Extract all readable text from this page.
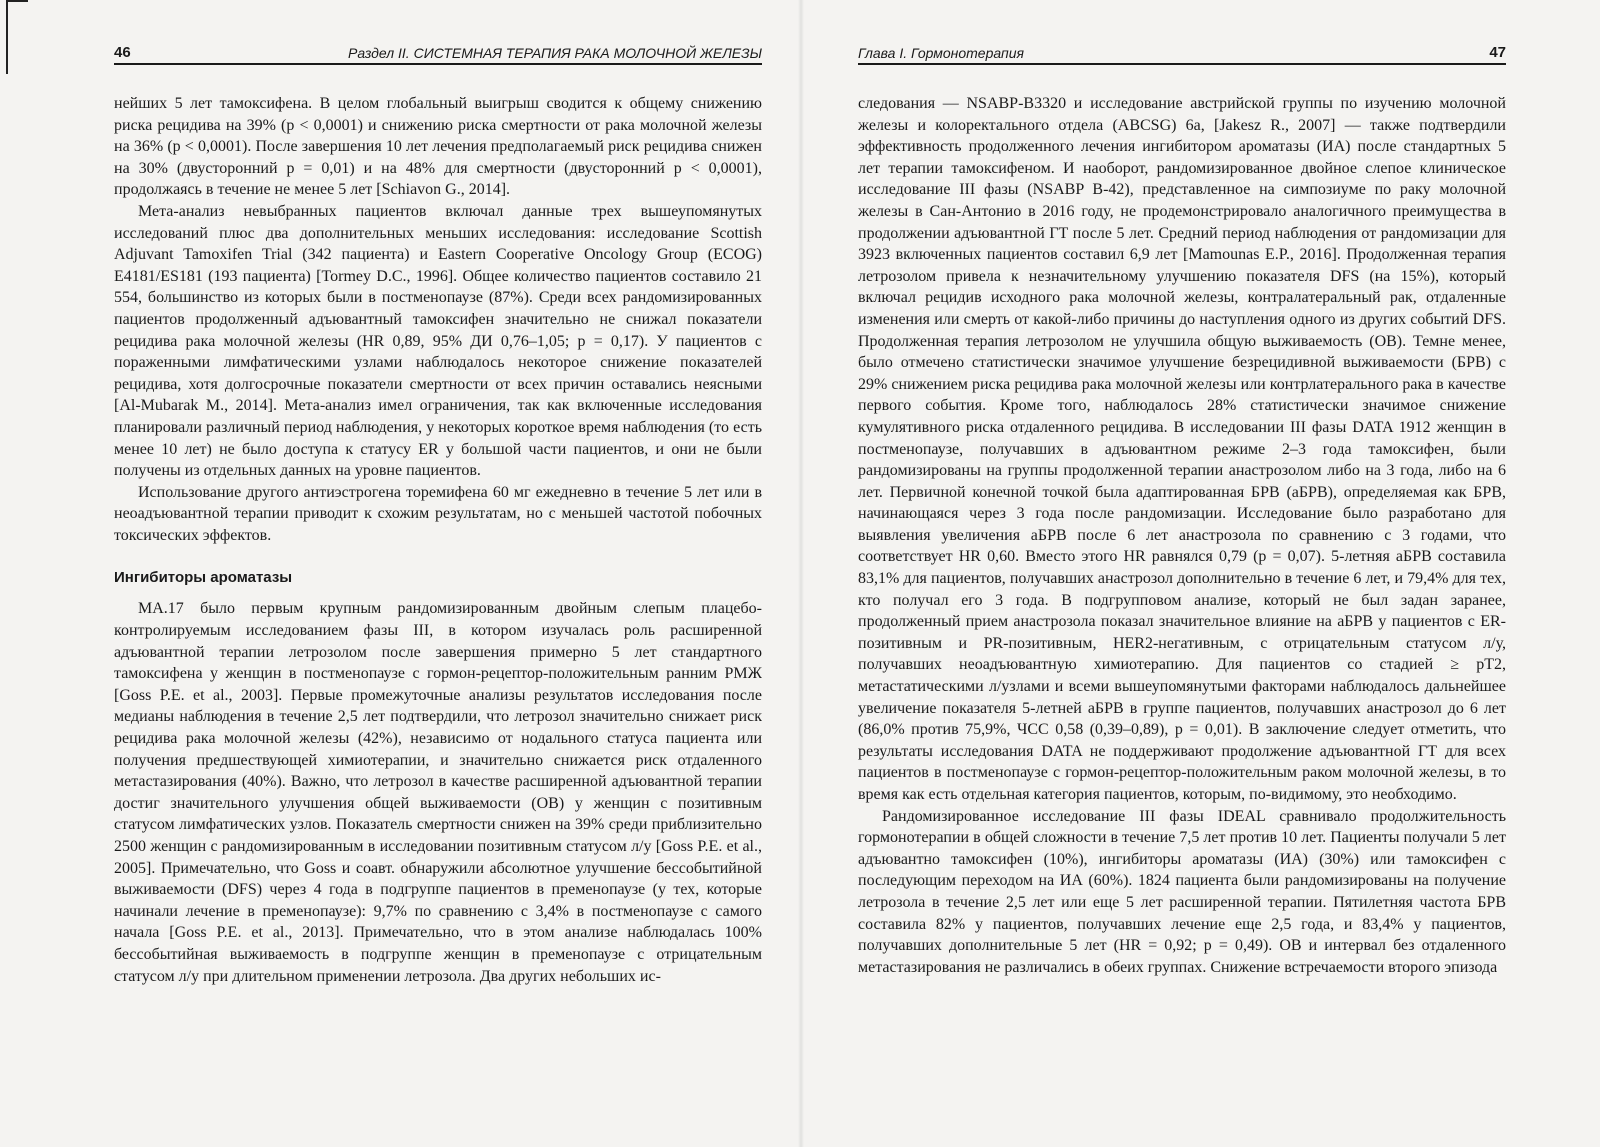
46	Раздел II. СИСТЕМНАЯ ТЕРАПИЯ РАКА МОЛОЧНОЙ ЖЕЛЕЗЫ

нейших 5 лет тамоксифена. В целом глобальный выигрыш сводится к общему снижению риска рецидива на 39% (p < 0,0001) и снижению риска смертности от рака молочной железы на 36% (p < 0,0001). После завершения 10 лет лечения предполагаемый риск рецидива снижен на 30% (двусторонний p = 0,01) и на 48% для смертности (двусторонний p < 0,0001), продолжаясь в течение не менее 5 лет [Schiavon G., 2014].

Мета-анализ невыбранных пациентов включал данные трех вышеупомянутых исследований плюс два дополнительных меньших исследования: исследование Scottish Adjuvant Tamoxifen Trial (342 пациента) и Eastern Cooperative Oncology Group (ECOG) E4181/ES181 (193 пациента) [Tormey D.C., 1996]. Общее количество пациентов составило 21 554, большинство из которых были в постменопаузе (87%). Среди всех рандомизированных пациентов продолженный адъювантный тамоксифен значительно не снижал показатели рецидива рака молочной железы (HR 0,89, 95% ДИ 0,76–1,05; p = 0,17). У пациентов с пораженными лимфатическими узлами наблюдалось некоторое снижение показателей рецидива, хотя долгосрочные показатели смертности от всех причин оставались неясными [Al-Mubarak M., 2014]. Мета-анализ имел ограничения, так как включенные исследования планировали различный период наблюдения, у некоторых короткое время наблюдения (то есть менее 10 лет) не было доступа к статусу ER у большой части пациентов, и они не были получены из отдельных данных на уровне пациентов.

Использование другого антиэстрогена торемифена 60 мг ежедневно в течение 5 лет или в неоадъювантной терапии приводит к схожим результатам, но с меньшей частотой побочных токсических эффектов.

Ингибиторы ароматазы

MA.17 было первым крупным рандомизированным двойным слепым плацебо-контролируемым исследованием фазы III, в котором изучалась роль расширенной адъювантной терапии летрозолом после завершения примерно 5 лет стандартного тамоксифена у женщин в постменопаузе с гормон-рецептор-положительным ранним РМЖ [Goss P.E. et al., 2003]. Первые промежуточные анализы результатов исследования после медианы наблюдения в течение 2,5 лет подтвердили, что летрозол значительно снижает риск рецидива рака молочной железы (42%), независимо от нодального статуса пациента или получения предшествующей химиотерапии, и значительно снижается риск отдаленного метастазирования (40%). Важно, что летрозол в качестве расширенной адъювантной терапии достиг значительного улучшения общей выживаемости (ОВ) у женщин с позитивным статусом лимфатических узлов. Показатель смертности снижен на 39% среди приблизительно 2500 женщин с рандомизированным в исследовании позитивным статусом л/у [Goss P.E. et al., 2005]. Примечательно, что Goss и соавт. обнаружили абсолютное улучшение бессобытийной выживаемости (DFS) через 4 года в подгруппе пациентов в пременопаузе (у тех, которые начинали лечение в пременопаузе): 9,7% по сравнению с 3,4% в постменопаузе с самого начала [Goss P.E. et al., 2013]. Примечательно, что в этом анализе наблюдалась 100% бессобытийная выживаемость в подгруппе женщин в пременопаузе с отрицательным статусом л/у при длительном применении летрозола. Два других небольших ис-

Глава I. Гормонотерапия	47

следования — NSABP-B3320 и исследование австрийской группы по изучению молочной железы и колоректального отдела (ABCSG) 6a, [Jakesz R., 2007] — также подтвердили эффективность продолженного лечения ингибитором ароматазы (ИА) после стандартных 5 лет терапии тамоксифеном. И наоборот, рандомизированное двойное слепое клиническое исследование III фазы (NSABP B-42), представленное на симпозиуме по раку молочной железы в Сан-Антонио в 2016 году, не продемонстрировало аналогичного преимущества в продолжении адъювантной ГТ после 5 лет. Средний период наблюдения от рандомизации для 3923 включенных пациентов составил 6,9 лет [Mamounas E.P., 2016]. Продолженная терапия летрозолом привела к незначительному улучшению показателя DFS (на 15%), который включал рецидив исходного рака молочной железы, контралатеральный рак, отдаленные изменения или смерть от какой-либо причины до наступления одного из других событий DFS. Продолженная терапия летрозолом не улучшила общую выживаемость (ОВ). Темне менее, было отмечено статистически значимое улучшение безрецидивной выживаемости (БРВ) с 29% снижением риска рецидива рака молочной железы или контрлатерального рака в качестве первого события. Кроме того, наблюдалось 28% статистически значимое снижение кумулятивного риска отдаленного рецидива. В исследовании III фазы DATA 1912 женщин в постменопаузе, получавших в адъювантном режиме 2–3 года тамоксифен, были рандомизированы на группы продолженной терапии анастрозолом либо на 3 года, либо на 6 лет. Первичной конечной точкой была адаптированная БРВ (аБРВ), определяемая как БРВ, начинающаяся через 3 года после рандомизации. Исследование было разработано для выявления увеличения аБРВ после 6 лет анастрозола по сравнению с 3 годами, что соответствует HR 0,60. Вместо этого HR равнялся 0,79 (p = 0,07). 5-летняя аБРВ составила 83,1% для пациентов, получавших анастрозол дополнительно в течение 6 лет, и 79,4% для тех, кто получал его 3 года. В подгрупповом анализе, который не был задан заранее, продолженный прием анастрозола показал значительное влияние на аБРВ у пациентов с ER-позитивным и PR-позитивным, HER2-негативным, с отрицательным статусом л/у, получавших неоадъювантную химиотерапию. Для пациентов со стадией ≥ pT2, метастатическими л/узлами и всеми вышеупомянутыми факторами наблюдалось дальнейшее увеличение показателя 5-летней аБРВ в группе пациентов, получавших анастрозол до 6 лет (86,0% против 75,9%, ЧСС 0,58 (0,39–0,89), p = 0,01). В заключение следует отметить, что результаты исследования DATA не поддерживают продолжение адъювантной ГТ для всех пациентов в постменопаузе с гормон-рецептор-положительным раком молочной железы, в то время как есть отдельная категория пациентов, которым, по-видимому, это необходимо.

Рандомизированное исследование III фазы IDEAL сравнивало продолжительность гормонотерапии в общей сложности в течение 7,5 лет против 10 лет. Пациенты получали 5 лет адъювантно тамоксифен (10%), ингибиторы ароматазы (ИА) (30%) или тамоксифен с последующим переходом на ИА (60%). 1824 пациента были рандомизированы на получение летрозола в течение 2,5 лет или еще 5 лет расширенной терапии. Пятилетняя частота БРВ составила 82% у пациентов, получавших лечение еще 2,5 года, и 83,4% у пациентов, получавших дополнительные 5 лет (HR = 0,92; p = 0,49). ОВ и интервал без отдаленного метастазирования не различались в обеих группах. Снижение встречаемости второго эпизода
